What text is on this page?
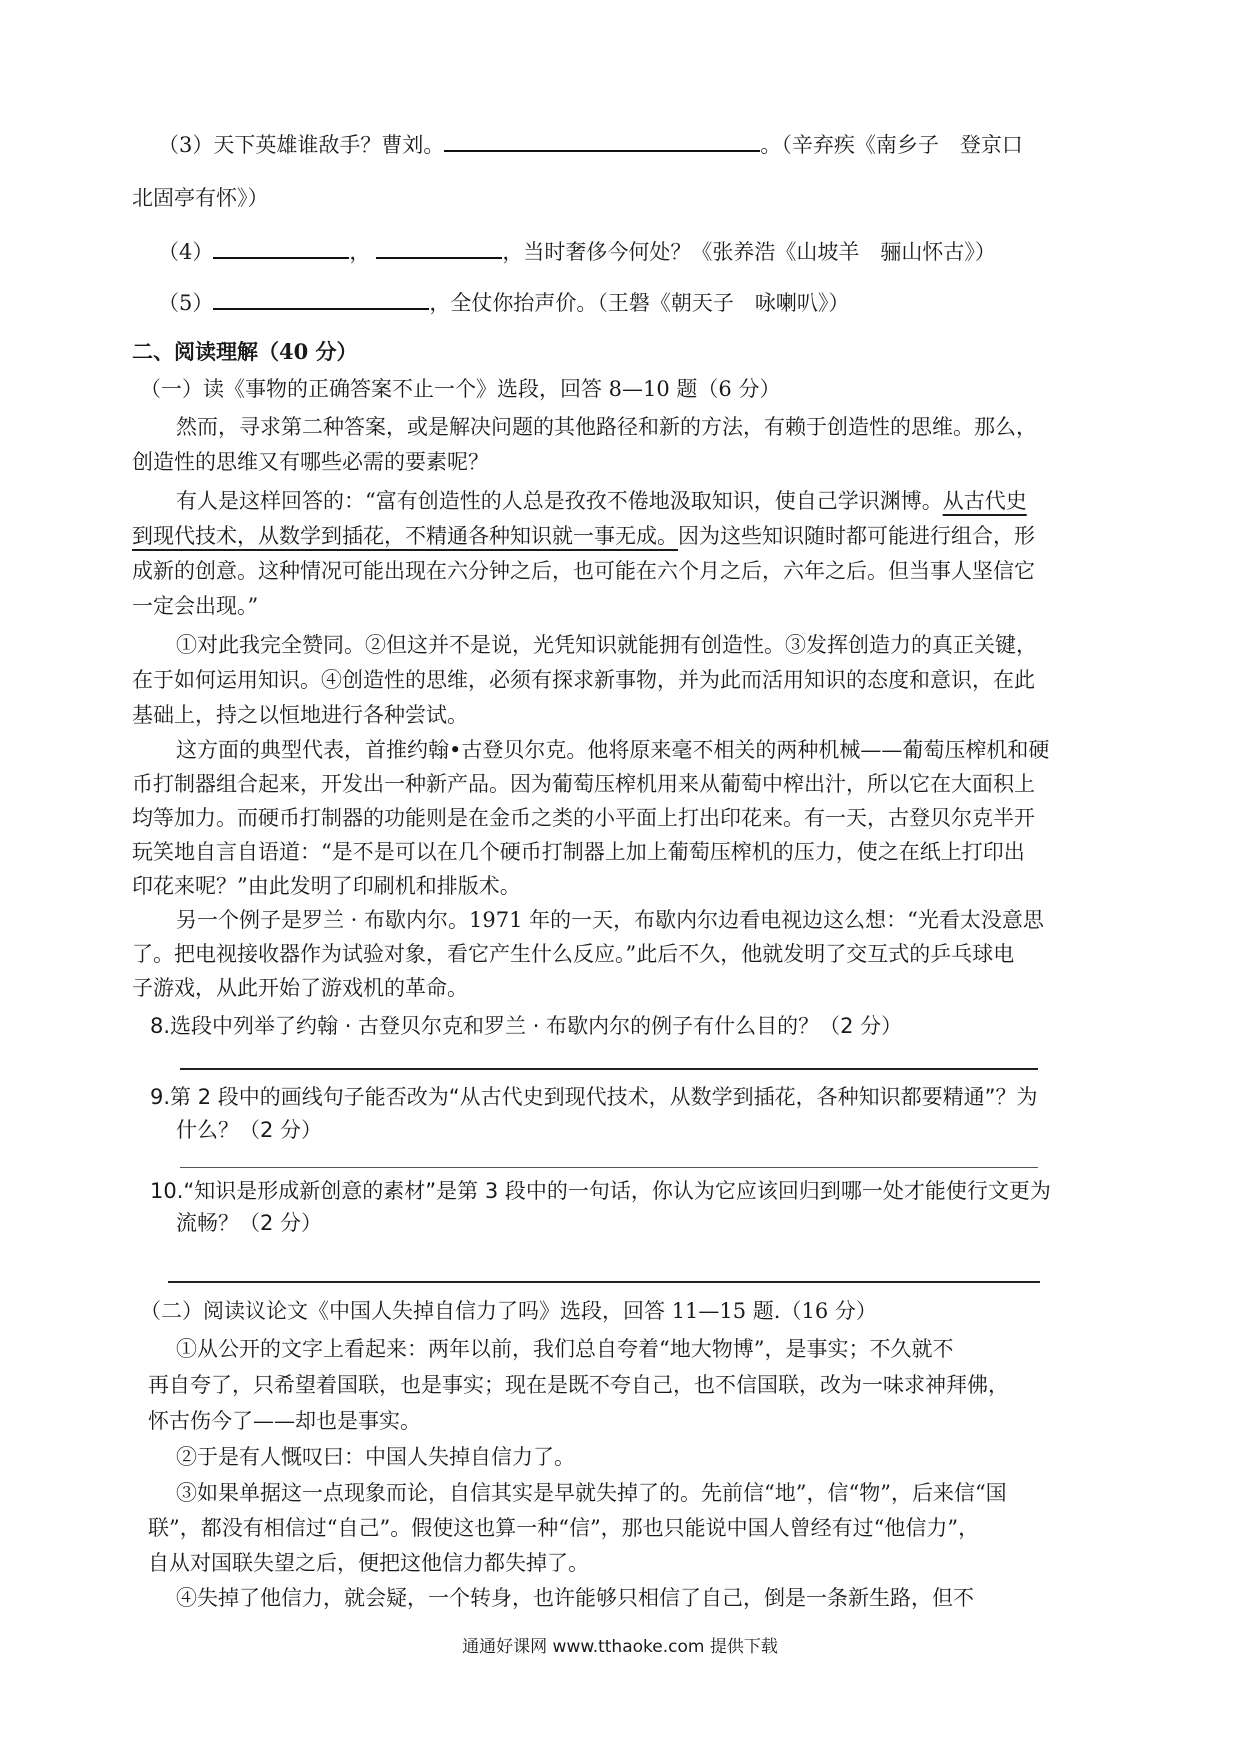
（3）天下英雄谁敌手？曹刘。	。（辛弃疾《南乡子　登京口
北固亭有怀》）
（4）	，	，当时奢侈今何处？《张养浩《山坡羊　骊山怀古》）
（5）	，全仗你抬声价。（王磐《朝天子　咏喇叭》）
二、阅读理解（40 分）
（一）读《事物的正确答案不止一个》选段，回答 8—10 题（6 分）
然而，寻求第二种答案，或是解决问题的其他路径和新的方法，有赖于创造性的思维。那么，
创造性的思维又有哪些必需的要素呢？
有人是这样回答的：“富有创造性的人总是孜孜不倦地汲取知识，使自己学识渊博。从古代史
到现代技术，从数学到插花，不精通各种知识就一事无成。因为这些知识随时都可能进行组合，形
成新的创意。这种情况可能出现在六分钟之后，也可能在六个月之后，六年之后。但当事人坚信它
一定会出现。”
①对此我完全赞同。②但这并不是说，光凭知识就能拥有创造性。③发挥创造力的真正关键，
在于如何运用知识。④创造性的思维，必须有探求新事物，并为此而活用知识的态度和意识，在此
基础上，持之以恒地进行各种尝试。
这方面的典型代表，首推约翰•古登贝尔克。他将原来毫不相关的两种机械——葡萄压榨机和硬
币打制器组合起来，开发出一种新产品。因为葡萄压榨机用来从葡萄中榨出汁，所以它在大面积上
均等加力。而硬币打制器的功能则是在金币之类的小平面上打出印花来。有一天，古登贝尔克半开
玩笑地自言自语道：“是不是可以在几个硬币打制器上加上葡萄压榨机的压力，使之在纸上打印出
印花来呢？”由此发明了印刷机和排版术。
另一个例子是罗兰 · 布歇内尔。1971 年的一天，布歇内尔边看电视边这么想：“光看太没意思
了。把电视接收器作为试验对象，看它产生什么反应。”此后不久，他就发明了交互式的乒乓球电
子游戏，从此开始了游戏机的革命。
8.选段中列举了约翰 · 古登贝尔克和罗兰 · 布歇内尔的例子有什么目的？（2 分）
9.第 2 段中的画线句子能否改为“从古代史到现代技术，从数学到插花，各种知识都要精通”？为
什么？（2 分）
10.“知识是形成新创意的素材”是第 3 段中的一句话，你认为它应该回归到哪一处才能使行文更为
流畅？（2 分）
（二）阅读议论文《中国人失掉自信力了吗》选段，回答 11—15 题.（16 分）
①从公开的文字上看起来：两年以前，我们总自夸着“地大物博”，是事实；不久就不
再自夸了，只希望着国联，也是事实；现在是既不夸自己，也不信国联，改为一味求神拜佛，
怀古伤今了——却也是事实。
②于是有人慨叹曰：中国人失掉自信力了。
③如果单据这一点现象而论，自信其实是早就失掉了的。先前信“地”，信“物”，后来信“国
联”，都没有相信过“自己”。假使这也算一种“信”，那也只能说中国人曾经有过“他信力”，
自从对国联失望之后，便把这他信力都失掉了。
④失掉了他信力，就会疑，一个转身，也许能够只相信了自己，倒是一条新生路，但不
通通好课网 www.tthaoke.com 提供下载
